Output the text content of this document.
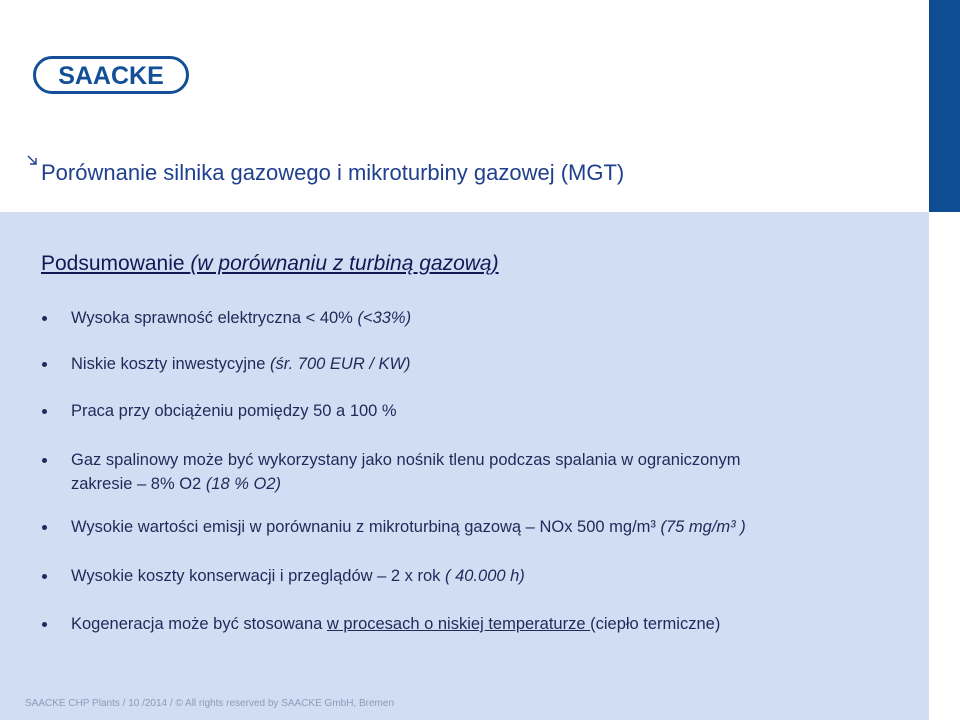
SAACKE
Porównanie silnika gazowego i mikroturbiny gazowej (MGT)
Podsumowanie (w porównaniu z turbiną gazową)
Wysoka sprawność elektryczna < 40% (<33%)
Niskie koszty inwestycyjne (śr. 700 EUR / KW)
Praca przy obciążeniu pomiędzy 50 a 100 %
Gaz spalinowy może być wykorzystany jako nośnik tlenu podczas spalania w ograniczonym
zakresie – 8% O2 (18 % O2)
Wysokie wartości emisji w porównaniu z mikroturbiną gazową – NOx 500 mg/m³ (75 mg/m³ )
Wysokie koszty konserwacji i przeglądów – 2 x rok ( 40.000 h)
Kogeneracja może być stosowana w procesach o niskiej temperaturze (ciepło termiczne)
SAACKE CHP Plants / 10 /2014 / © All rights reserved by SAACKE GmbH, Bremen
